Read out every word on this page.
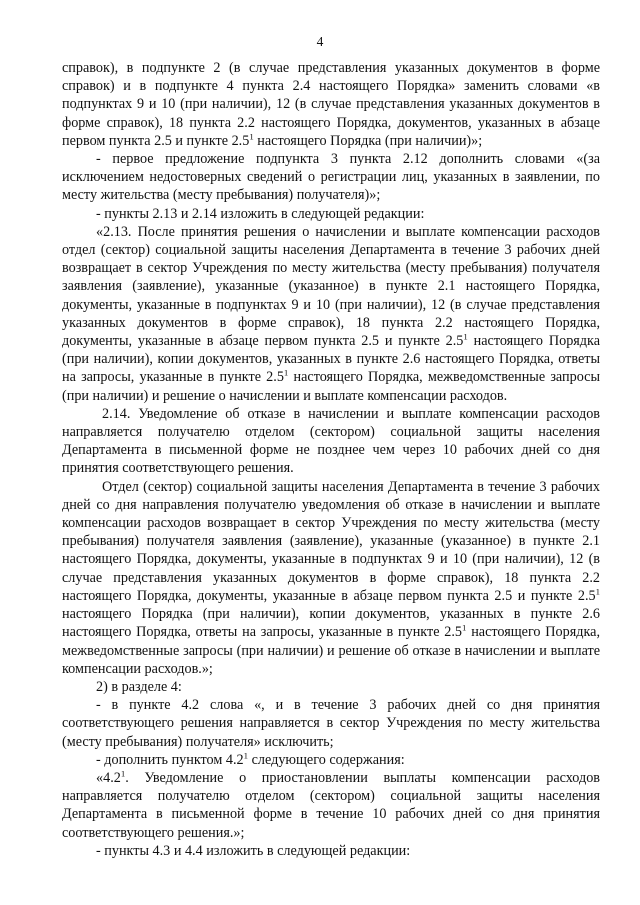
4

справок), в подпункте 2 (в случае представления указанных документов в форме справок) и в подпункте 4 пункта 2.4 настоящего Порядка» заменить словами «в подпунктах 9 и 10 (при наличии), 12 (в случае представления указанных документов в форме справок), 18 пункта 2.2 настоящего Порядка, документов, указанных в абзаце первом пункта 2.5 и пункте $2.5^1$ настоящего Порядка (при наличии)»;

- первое предложение подпункта 3 пункта 2.12 дополнить словами «(за исключением недостоверных сведений о регистрации лиц, указанных в заявлении, по месту жительства (месту пребывания) получателя)»;

- пункты 2.13 и 2.14 изложить в следующей редакции:

«2.13. После принятия решения о начислении и выплате компенсации расходов отдел (сектор) социальной защиты населения Департамента в течение 3 рабочих дней возвращает в сектор Учреждения по месту жительства (месту пребывания) получателя заявления (заявление), указанные (указанное) в пункте 2.1 настоящего Порядка, документы, указанные в подпунктах 9 и 10 (при наличии), 12 (в случае представления указанных документов в форме справок), 18 пункта 2.2 настоящего Порядка, документы, указанные в абзаце первом пункта 2.5 и пункте $2.5^1$ настоящего Порядка (при наличии), копии документов, указанных в пункте 2.6 настоящего Порядка, ответы на запросы, указанные в пункте $2.5^1$ настоящего Порядка, межведомственные запросы (при наличии) и решение о начислении и выплате компенсации расходов.

2.14. Уведомление об отказе в начислении и выплате компенсации расходов направляется получателю отделом (сектором) социальной защиты населения Департамента в письменной форме не позднее чем через 10 рабочих дней со дня принятия соответствующего решения.

Отдел (сектор) социальной защиты населения Департамента в течение 3 рабочих дней со дня направления получателю уведомления об отказе в начислении и выплате компенсации расходов возвращает в сектор Учреждения по месту жительства (месту пребывания) получателя заявления (заявление), указанные (указанное) в пункте 2.1 настоящего Порядка, документы, указанные в подпунктах 9 и 10 (при наличии), 12 (в случае представления указанных документов в форме справок), 18 пункта 2.2 настоящего Порядка, документы, указанные в абзаце первом пункта 2.5 и пункте $2.5^1$ настоящего Порядка (при наличии), копии документов, указанных в пункте 2.6 настоящего Порядка, ответы на запросы, указанные в пункте $2.5^1$ настоящего Порядка, межведомственные запросы (при наличии) и решение об отказе в начислении и выплате компенсации расходов.»;

2) в разделе 4:

- в пункте 4.2 слова «, и в течение 3 рабочих дней со дня принятия соответствующего решения направляется в сектор Учреждения по месту жительства (месту пребывания) получателя» исключить;

- дополнить пунктом $4.2^1$ следующего содержания:

«$4.2^1$. Уведомление о приостановлении выплаты компенсации расходов направляется получателю отделом (сектором) социальной защиты населения Департамента в письменной форме в течение 10 рабочих дней со дня принятия соответствующего решения.»;

- пункты 4.3 и 4.4 изложить в следующей редакции:
